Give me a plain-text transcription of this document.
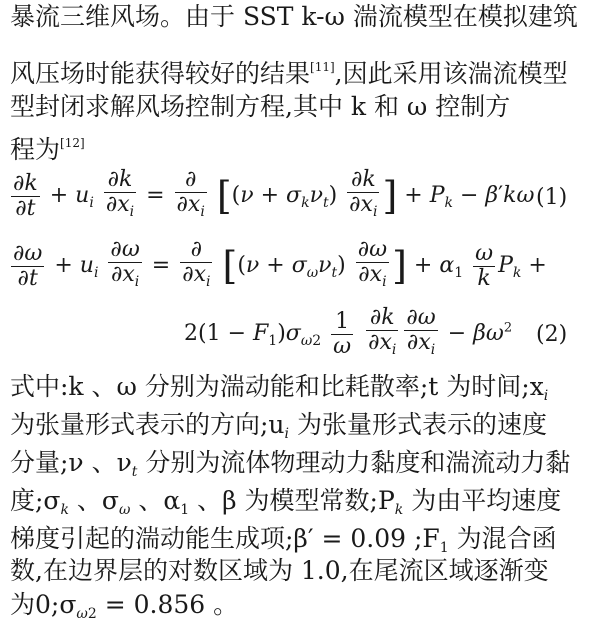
暴流三维风场。由于 SST k-ω 湍流模型在模拟建筑
风压场时能获得较好的结果[11],因此采用该湍流模型
型封闭求解风场控制方程,其中 k 和 ω 控制方
程为[12]
$\frac{\partial k}{\partial t} + u_i \frac{\partial k}{\partial x_i} = \frac{\partial}{\partial x_i} [(\nu + \sigma_k\nu_t) \frac{\partial k}{\partial x_i}$ ] + $P_k - \beta'k\omega$ (1)
$\frac{\partial\omega}{\partial t} + u_i \frac{\partial\omega}{\partial x_i} = \frac{\partial}{\partial x_i} [(\nu + \sigma_\omega\nu_t) \frac{\partial\omega}{\partial x_i}$ ] + $\alpha_1 \frac{\omega}{k} P_k$ +
$2(1 - F_1)\sigma_{\omega 2} \frac{1}{\omega}$
$\frac{\partial k}{\partial x_i} \frac{\partial\omega}{\partial x_i} - \beta\omega^2$ (2)
式中:k 、ω 分别为湍动能和比耗散率;t 为时间$;x_i$
为张量形式表示的方向$;u_i$ 为张量形式表示的速度
分量;ν 、$\nu_t$ 分别为流体物理动力黏度和湍流动力黏
度$;\sigma_k$ 、$\sigma_\omega$ 、$\alpha_1$ 、β 为模型常数$;P_k$ 为由平均速度
梯度引起的湍动能生成项;β′ = 0.09 $;F_1$ 为混合函
数,在边界层的对数区域为 1.0,在尾流区域逐渐变
为$0;\sigma_{\omega 2} = 0.856$ 。
